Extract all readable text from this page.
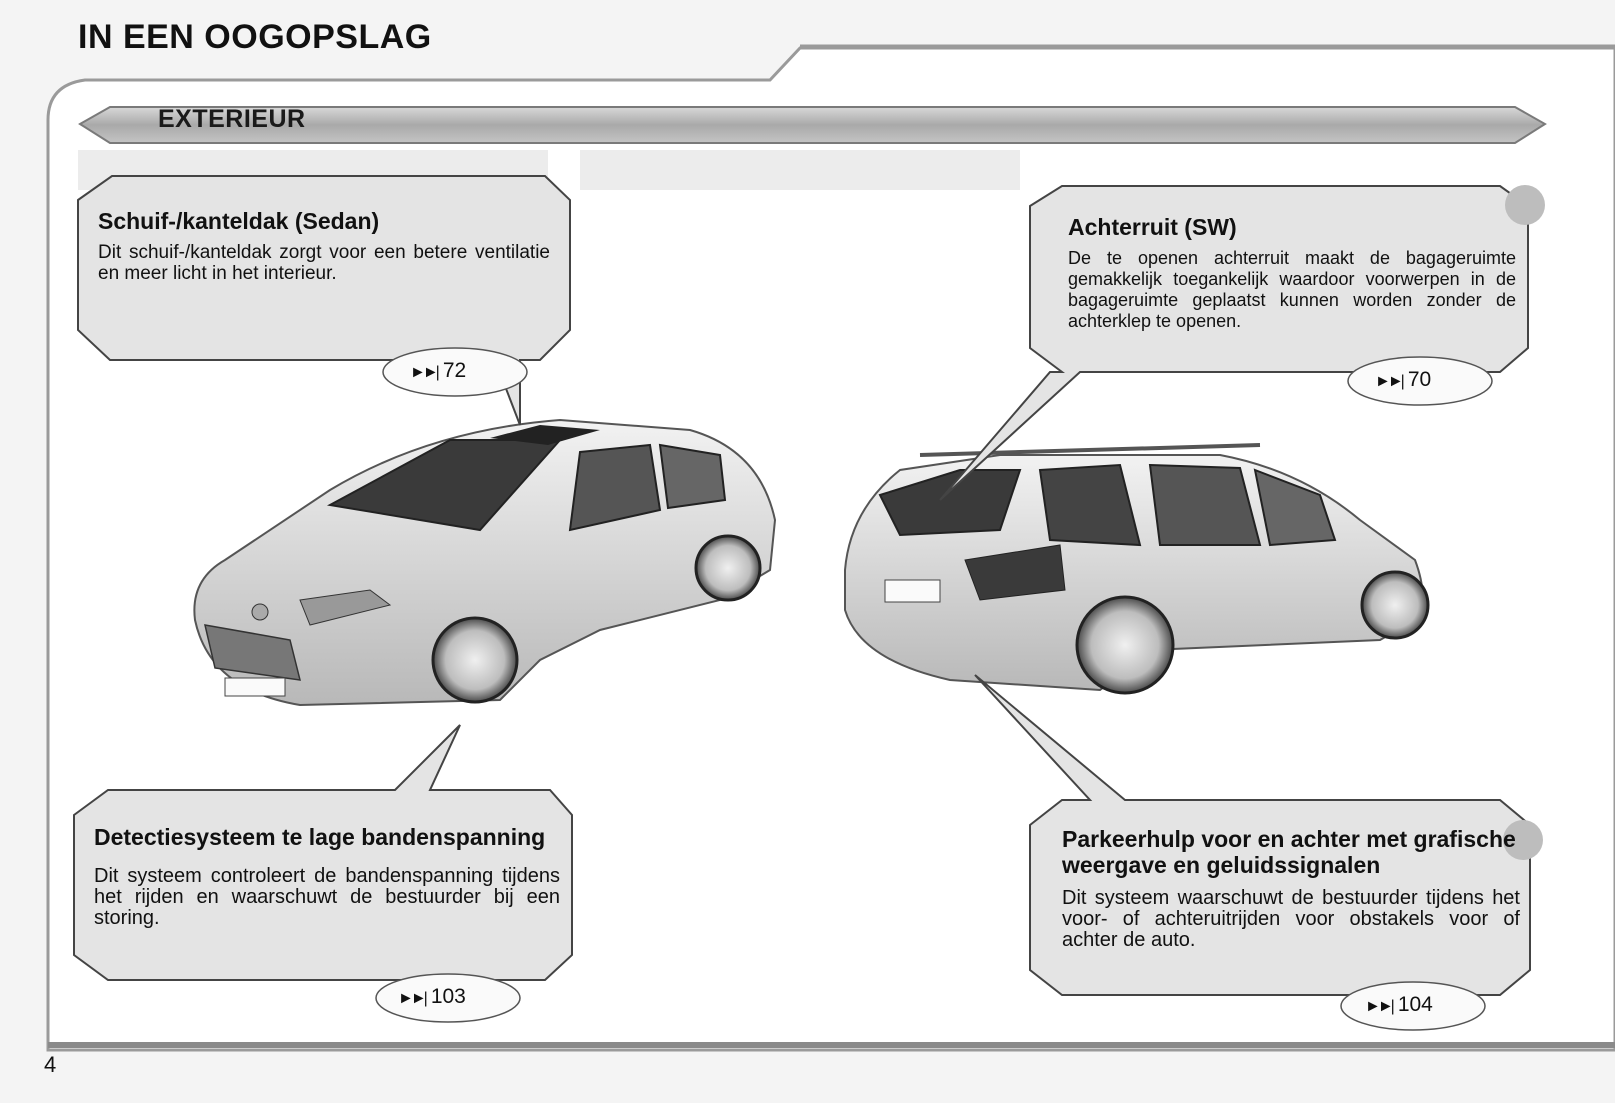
IN EEN OOGOPSLAG
EXTERIEUR
Schuif-/kanteldak (Sedan)

Dit schuif-/kanteldak zorgt voor een betere ventilatie en meer licht in het interieur.

►►| 72
Achterruit (SW)

De te openen achterruit maakt de bagageruimte gemakkelijk toegankelijk waardoor voorwerpen in de bagageruimte geplaatst kunnen worden zonder de achterklep te openen.

►►| 70
Detectiesysteem te lage bandenspanning

Dit systeem controleert de bandenspanning tijdens het rijden en waarschuwt de bestuurder bij een storing.

►►| 103
Parkeerhulp voor en achter met grafische weergave en geluidssignalen

Dit systeem waarschuwt de bestuurder tijdens het voor- of achteruitrijden voor obstakels voor of achter de auto.

►►| 104
4
